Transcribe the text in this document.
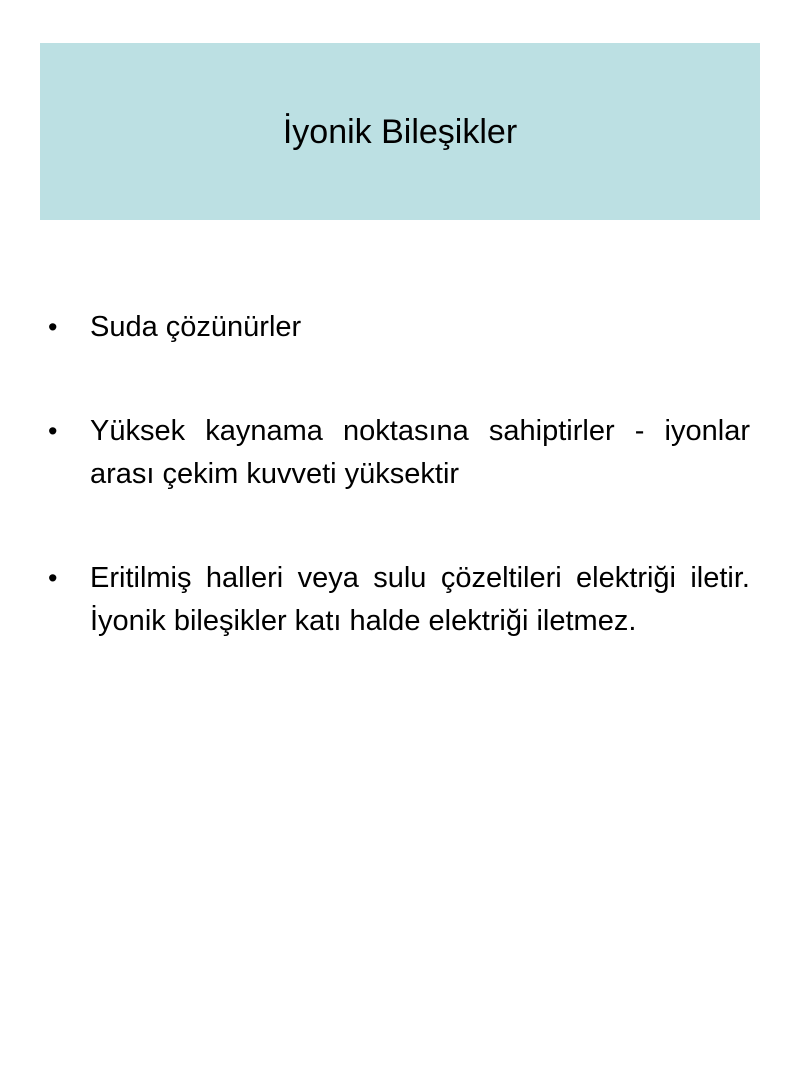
İyonik Bileşikler
•	Suda çözünürler
•	Yüksek kaynama noktasına sahiptirler - iyonlar arası çekim kuvveti yüksektir
•	Eritilmiş halleri veya sulu çözeltileri elektriği iletir. İyonik bileşikler katı halde elektriği iletmez.
